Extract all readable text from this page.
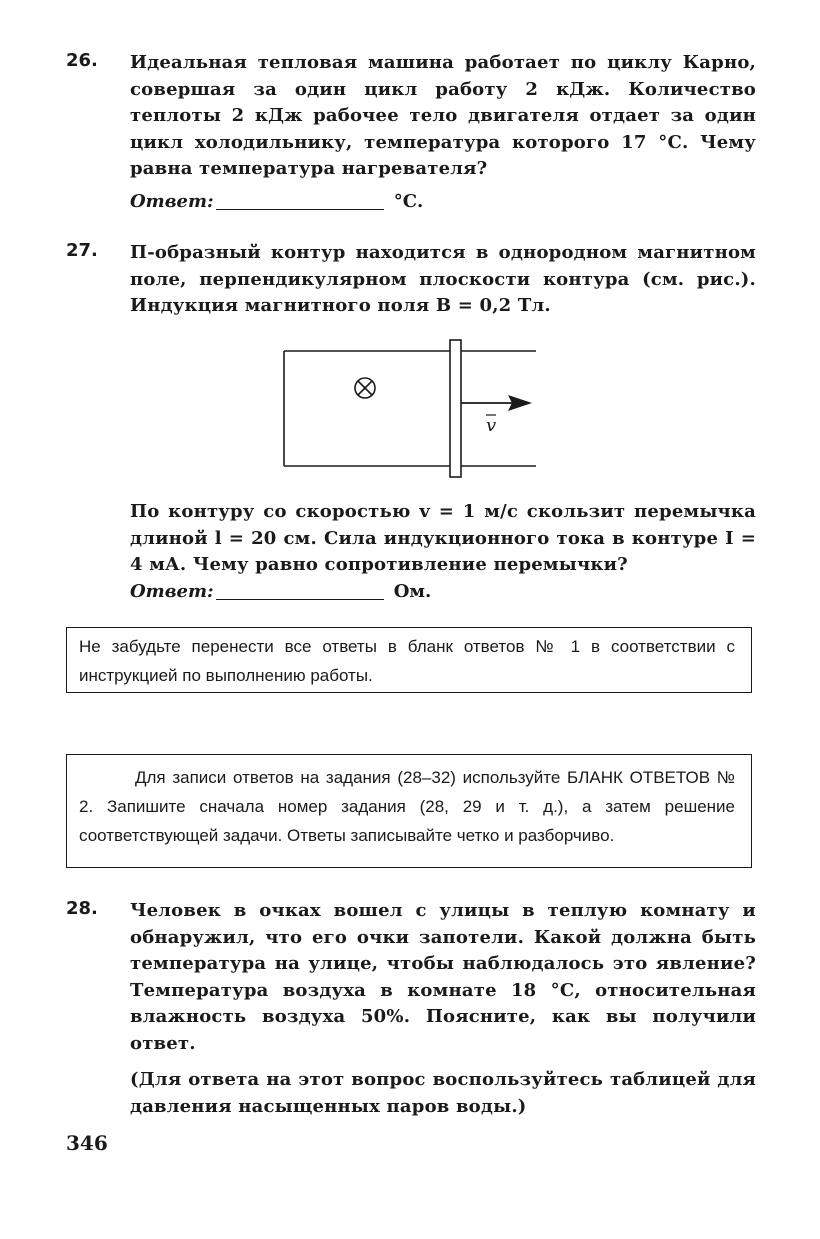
26. Идеальная тепловая машина работает по циклу Карно, совершая за один цикл работу 2 кДж. Количество теплоты 2 кДж рабочее тело двигателя отдает за один цикл холодильнику, температура которого 17 °С. Чему равна температура нагревателя?
Ответ:	°С.
27. П-образный контур находится в однородном магнитном поле, перпендикулярном плоскости контура (см. рис.). Индукция магнитного поля B = 0,2 Тл.
v
По контуру со скоростью v = 1 м/с скользит перемычка длиной l = 20 см. Сила индукционного тока в контуре I = 4 мА. Чему равно сопротивление перемычки?
Ответ:	Ом.
Не забудьте перенести все ответы в бланк ответов № 1 в соответствии с инструкцией по выполнению работы.
Для записи ответов на задания (28–32) используйте БЛАНК ОТВЕТОВ № 2. Запишите сначала номер задания (28, 29 и т. д.), а затем решение соответствующей задачи. Ответы записывайте четко и разборчиво.
28. Человек в очках вошел с улицы в теплую комнату и обнаружил, что его очки запотели. Какой должна быть температура на улице, чтобы наблюдалось это явление? Температура воздуха в комнате 18 °С, относительная влажность воздуха 50%. Поясните, как вы получили ответ.
(Для ответа на этот вопрос воспользуйтесь таблицей для давления насыщенных паров воды.)
346
